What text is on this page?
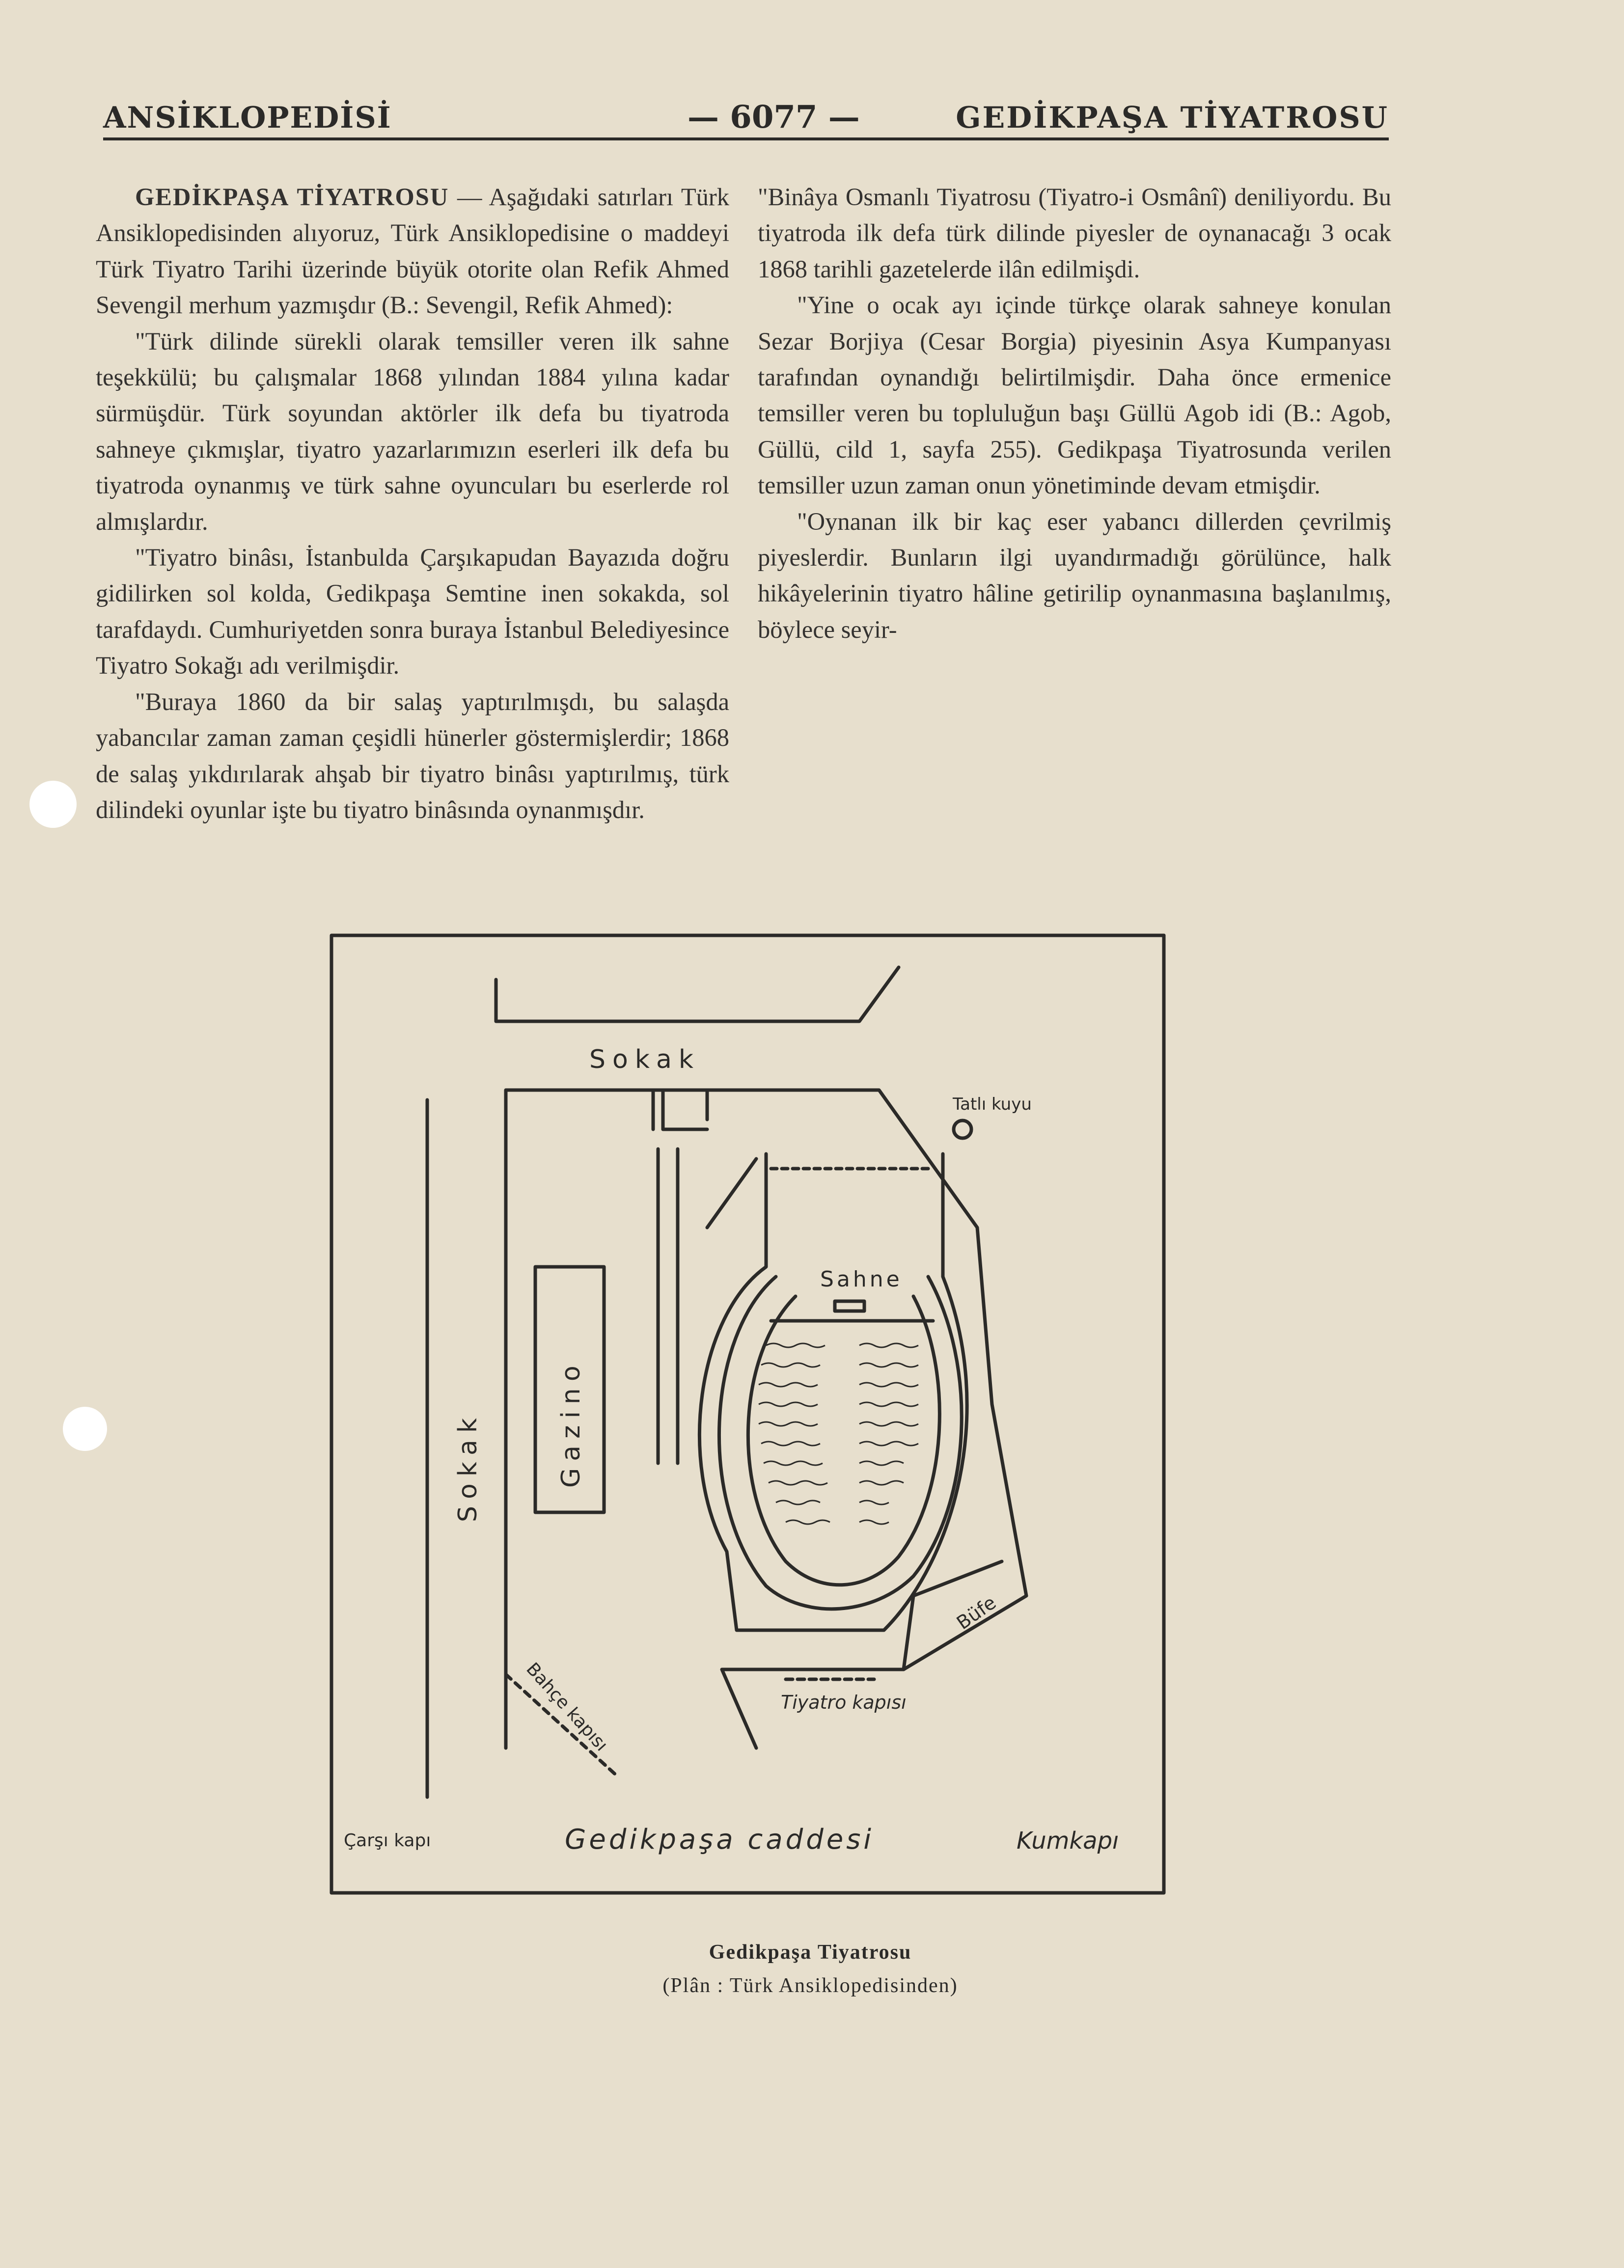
ANSİKLOPEDİSİ	— 6077 —	GEDİKPAŞA TİYATROSU

GEDİKPAŞA TİYATROSU — Aşağıdaki satırları Türk Ansiklopedisinden alıyoruz, Türk Ansiklopedisine o maddeyi Türk Tiyatro Tarihi üzerinde büyük otorite olan Refik Ahmed Sevengil merhum yazmışdır (B.: Sevengil, Refik Ahmed):

"Türk dilinde sürekli olarak temsiller veren ilk sahne teşekkülü; bu çalışmalar 1868 yılından 1884 yılına kadar sürmüşdür. Türk soyundan aktörler ilk defa bu tiyatroda sahneye çıkmışlar, tiyatro yazarlarımızın eserleri ilk defa bu tiyatroda oynanmış ve türk sahne oyuncuları bu eserlerde rol almışlardır.

"Tiyatro binâsı, İstanbulda Çarşıkapudan Bayazıda doğru gidilirken sol kolda, Gedikpaşa Semtine inen sokakda, sol tarafdaydı. Cumhuriyetden sonra buraya İstanbul Belediyesince Tiyatro Sokağı adı verilmişdir.

"Buraya 1860 da bir salaş yaptırılmışdı, bu salaşda yabancılar zaman zaman çeşidli hünerler göstermişlerdir; 1868 de salaş yıkdırılarak ahşab bir tiyatro binâsı yaptırılmış, türk dilindeki oyunlar işte bu tiyatro binâsında oynanmışdır.

"Binâya Osmanlı Tiyatrosu (Tiyatro-i Osmânî) deniliyordu. Bu tiyatroda ilk defa türk dilinde piyesler de oynanacağı 3 ocak 1868 tarihli gazetelerde ilân edilmişdi.

"Yine o ocak ayı içinde türkçe olarak sahneye konulan Sezar Borjiya (Cesar Borgia) piyesinin Asya Kumpanyası tarafından oynandığı belirtilmişdir. Daha önce ermenice temsiller veren bu topluluğun başı Güllü Agob idi (B.: Agob, Güllü, cild 1, sayfa 255). Gedikpaşa Tiyatrosunda verilen temsiller uzun zaman onun yönetiminde devam etmişdir.

"Oynanan ilk bir kaç eser yabancı dillerden çevrilmiş piyeslerdir. Bunların ilgi uyandırmadığı görülünce, halk hikâyelerinin tiyatro hâline getirilip oynanmasına başlanılmış, böylece seyir-

Sokak
Sokak	Gazino
Sahne
Tatlı kuyu
Büfe
Bahçe kapısı	Tiyatro kapısı
Gedikpaşa caddesi
Çarşı kapı	Kumkapı
Gedikpaşa Tiyatrosu
(Plân : Türk Ansiklopedisinden)
